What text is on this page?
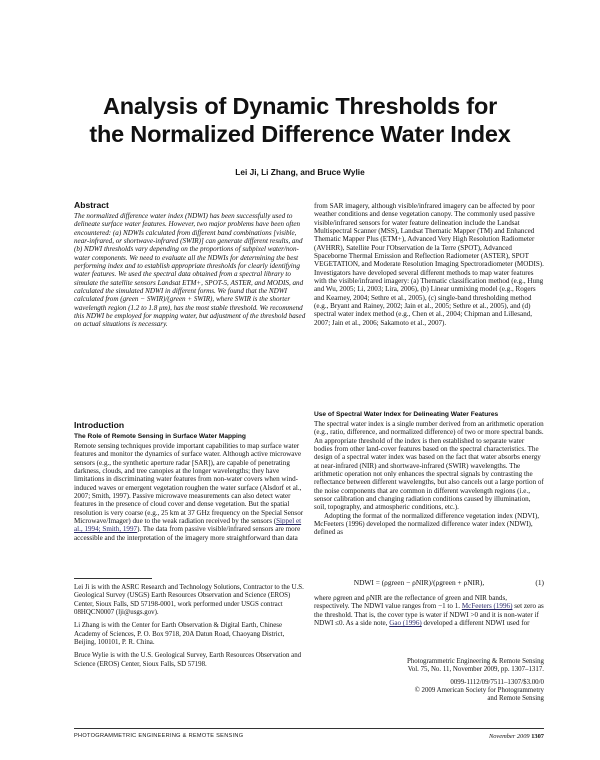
Analysis of Dynamic Thresholds for
the Normalized Difference Water Index
Lei Ji, Li Zhang, and Bruce Wylie
Abstract
The normalized difference water index (NDWI) has been successfully used to delineate surface water features. However, two major problems have been often encountered: (a) NDWIs calculated from different band combinations [visible, near-infrared, or shortwave-infrared (SWIR)] can generate different results, and (b) NDWI thresholds vary depending on the proportions of subpixel water/non-water components. We need to evaluate all the NDWIs for determining the best performing index and to establish appropriate thresholds for clearly identifying water features. We used the spectral data obtained from a spectral library to simulate the satellite sensors Landsat ETM+, SPOT-5, ASTER, and MODIS, and calculated the simulated NDWI in different forms. We found that the NDWI calculated from (green − SWIR)/(green + SWIR), where SWIR is the shorter wavelength region (1.2 to 1.8 μm), has the most stable threshold. We recommend this NDWI be employed for mapping water, but adjustment of the threshold based on actual situations is necessary.
Introduction
The Role of Remote Sensing in Surface Water Mapping
Remote sensing techniques provide important capabilities to map surface water features and monitor the dynamics of surface water. Although active microwave sensors (e.g., the synthetic aperture radar [SAR]), are capable of penetrating darkness, clouds, and tree canopies at the longer wavelengths; they have limitations in discriminating water features from non-water covers when wind-induced waves or emergent vegetation roughen the water surface (Alsdorf et al., 2007; Smith, 1997). Passive microwave measurements can also detect water features in the presence of cloud cover and dense vegetation. But the spatial resolution is very coarse (e.g., 25 km at 37 GHz frequency on the Special Sensor Microwave/Imager) due to the weak radiation received by the sensors (Sippel et al., 1994; Smith, 1997). The data from passive visible/infrared sensors are more accessible and the interpretation of the imagery more straightforward than data

Lei Ji is with the ASRC Research and Technology Solutions, Contractor to the U.S. Geological Survey (USGS) Earth Resources Observation and Science (EROS) Center, Sioux Falls, SD 57198-0001, work performed under USGS contract 08HQCN0007 (lji@usgs.gov).

Li Zhang is with the Center for Earth Observation & Digital Earth, Chinese Academy of Sciences, P. O. Box 9718, 20A Datun Road, Chaoyang District, Beijing, 100101, P. R. China.

Bruce Wylie is with the U.S. Geological Survey, Earth Resources Observation and Science (EROS) Center, Sioux Falls, SD 57198.

from SAR imagery, although visible/infrared imagery can be affected by poor weather conditions and dense vegetation canopy. The commonly used passive visible/infrared sensors for water feature delineation include the Landsat Multispectral Scanner (MSS), Landsat Thematic Mapper (TM) and Enhanced Thematic Mapper Plus (ETM+), Advanced Very High Resolution Radiometer (AVHRR), Satellite Pour l'Observation de la Terre (SPOT), Advanced Spaceborne Thermal Emission and Reflection Radiometer (ASTER), SPOT VEGETATION, and Moderate Resolution Imaging Spectroradiometer (MODIS). Investigators have developed several different methods to map water features with the visible/infrared imagery: (a) Thematic classification method (e.g., Hung and Wu, 2005; Li, 2003; Lira, 2006), (b) Linear unmixing model (e.g., Rogers and Kearney, 2004; Sethre et al., 2005), (c) single-band thresholding method (e.g., Bryant and Rainey, 2002; Jain et al., 2005; Sethre et al., 2005), and (d) spectral water index method (e.g., Chen et al., 2004; Chipman and Lillesand, 2007; Jain et al., 2006; Sakamoto et al., 2007).
Use of Spectral Water Index for Delineating Water Features
The spectral water index is a single number derived from an arithmetic operation (e.g., ratio, difference, and normalized difference) of two or more spectral bands. An appropriate threshold of the index is then established to separate water bodies from other land-cover features based on the spectral characteristics. The design of a spectral water index was based on the fact that water absorbs energy at near-infrared (NIR) and shortwave-infrared (SWIR) wavelengths. The arithmetic operation not only enhances the spectral signals by contrasting the reflectance between different wavelengths, but also cancels out a large portion of the noise components that are common in different wavelength regions (i.e., sensor calibration and changing radiation conditions caused by illumination, soil, topography, and atmospheric conditions, etc.).
Adopting the format of the normalized difference vegetation index (NDVI), McFeeters (1996) developed the normalized difference water index (NDWI), defined as
NDWI = (ρgreen − ρNIR)/(ρgreen + ρNIR),	(1)
where ρgreen and ρNIR are the reflectance of green and NIR bands, respectively. The NDWI value ranges from −1 to 1. McFeeters (1996) set zero as the threshold. That is, the cover type is water if NDWI >0 and it is non-water if NDWI ≤0. As a side note, Gao (1996) developed a different NDWI used for

Photogrammetric Engineering & Remote Sensing
Vol. 75, No. 11, November 2009, pp. 1307–1317.

0099-1112/09/7511–1307/$3.00/0
© 2009 American Society for Photogrammetry
and Remote Sensing

PHOTOGRAMMETRIC ENGINEERING & REMOTE SENSING	November 2009 1307
